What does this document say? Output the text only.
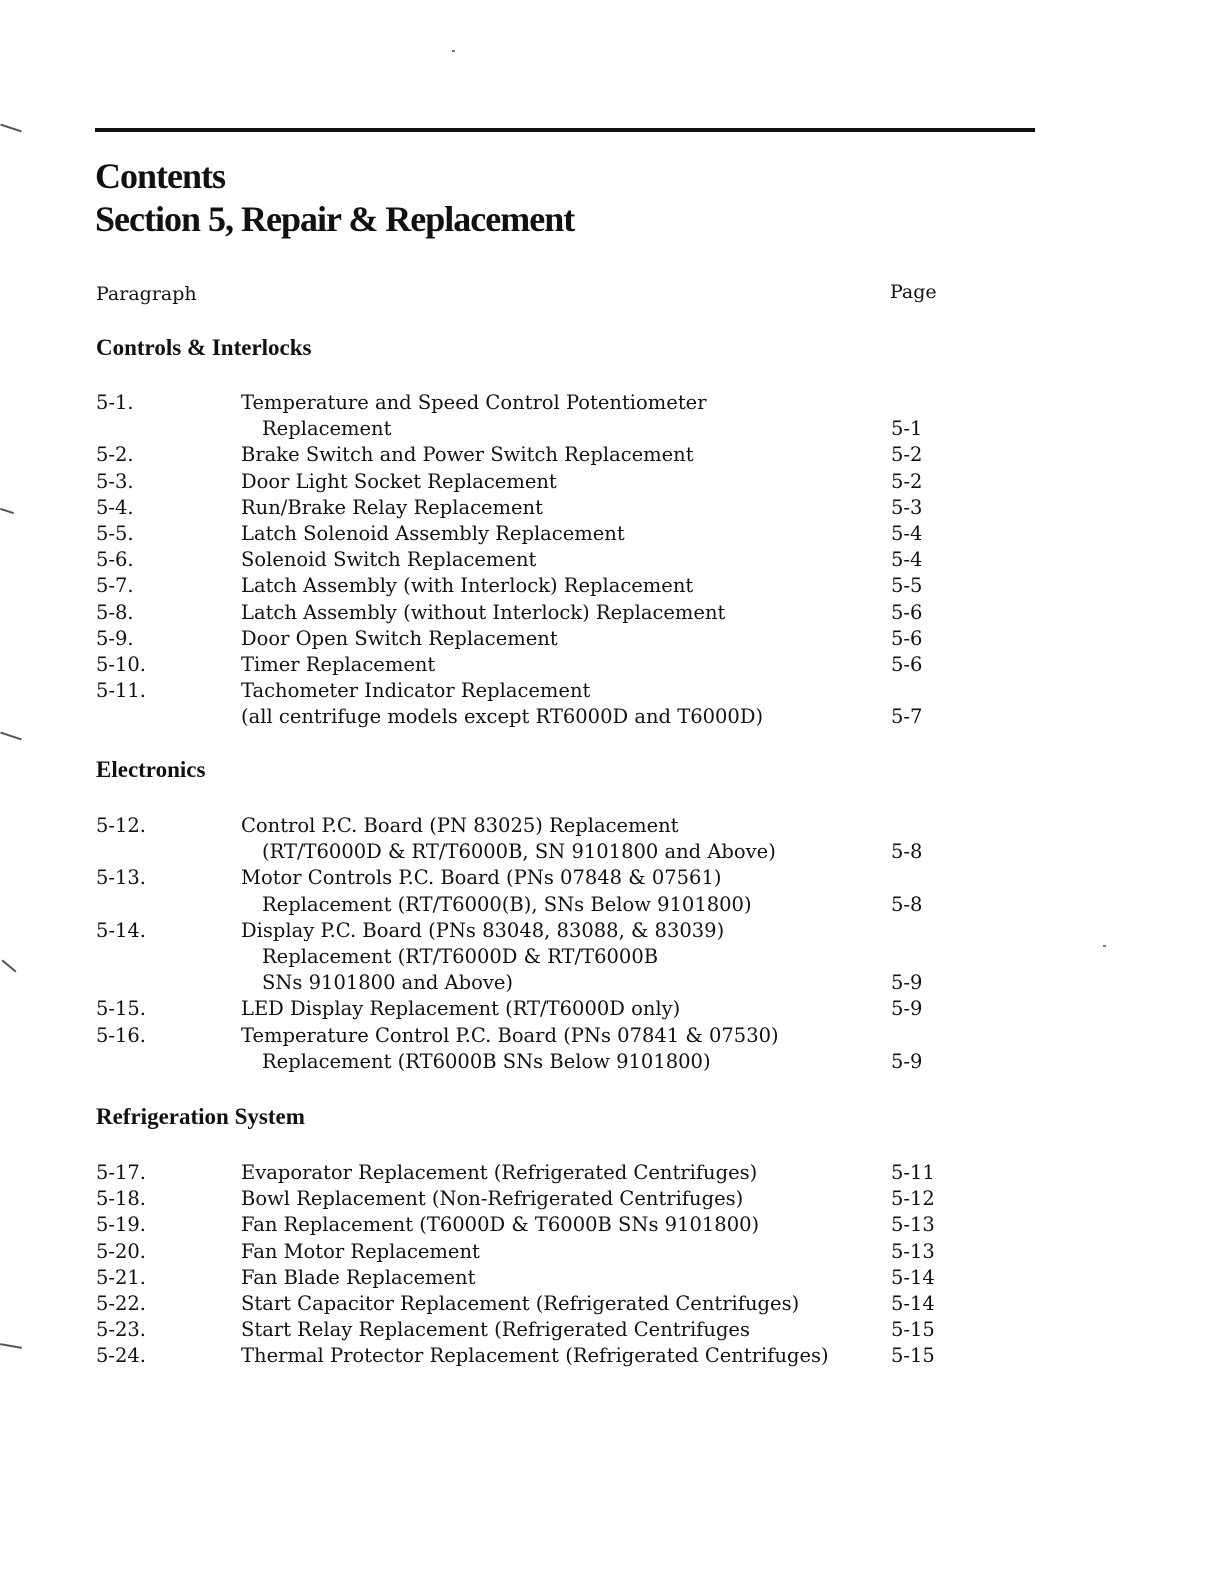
Contents
Section 5, Repair & Replacement
Paragraph	Page
Controls & Interlocks
5-1.	Temperature and Speed Control Potentiometer
Replacement	5-1
5-2.	Brake Switch and Power Switch Replacement	5-2
5-3.	Door Light Socket Replacement	5-2
5-4.	Run/Brake Relay Replacement	5-3
5-5.	Latch Solenoid Assembly Replacement	5-4
5-6.	Solenoid Switch Replacement	5-4
5-7.	Latch Assembly (with Interlock) Replacement	5-5
5-8.	Latch Assembly (without Interlock) Replacement	5-6
5-9.	Door Open Switch Replacement	5-6
5-10.	Timer Replacement	5-6
5-11.	Tachometer Indicator Replacement
(all centrifuge models except RT6000D and T6000D)	5-7
Electronics
5-12.	Control P.C. Board (PN 83025) Replacement
(RT/T6000D & RT/T6000B, SN 9101800 and Above)	5-8
5-13.	Motor Controls P.C. Board (PNs 07848 & 07561)
Replacement (RT/T6000(B), SNs Below 9101800)	5-8
5-14.	Display P.C. Board (PNs 83048, 83088, & 83039)
Replacement (RT/T6000D & RT/T6000B
SNs 9101800 and Above)	5-9
5-15.	LED Display Replacement (RT/T6000D only)	5-9
5-16.	Temperature Control P.C. Board (PNs 07841 & 07530)
Replacement (RT6000B SNs Below 9101800)	5-9
Refrigeration System
5-17.	Evaporator Replacement (Refrigerated Centrifuges)	5-11
5-18.	Bowl Replacement (Non-Refrigerated Centrifuges)	5-12
5-19.	Fan Replacement (T6000D & T6000B SNs 9101800)	5-13
5-20.	Fan Motor Replacement	5-13
5-21.	Fan Blade Replacement	5-14
5-22.	Start Capacitor Replacement (Refrigerated Centrifuges)	5-14
5-23.	Start Relay Replacement (Refrigerated Centrifuges	5-15
5-24.	Thermal Protector Replacement (Refrigerated Centrifuges)	5-15
